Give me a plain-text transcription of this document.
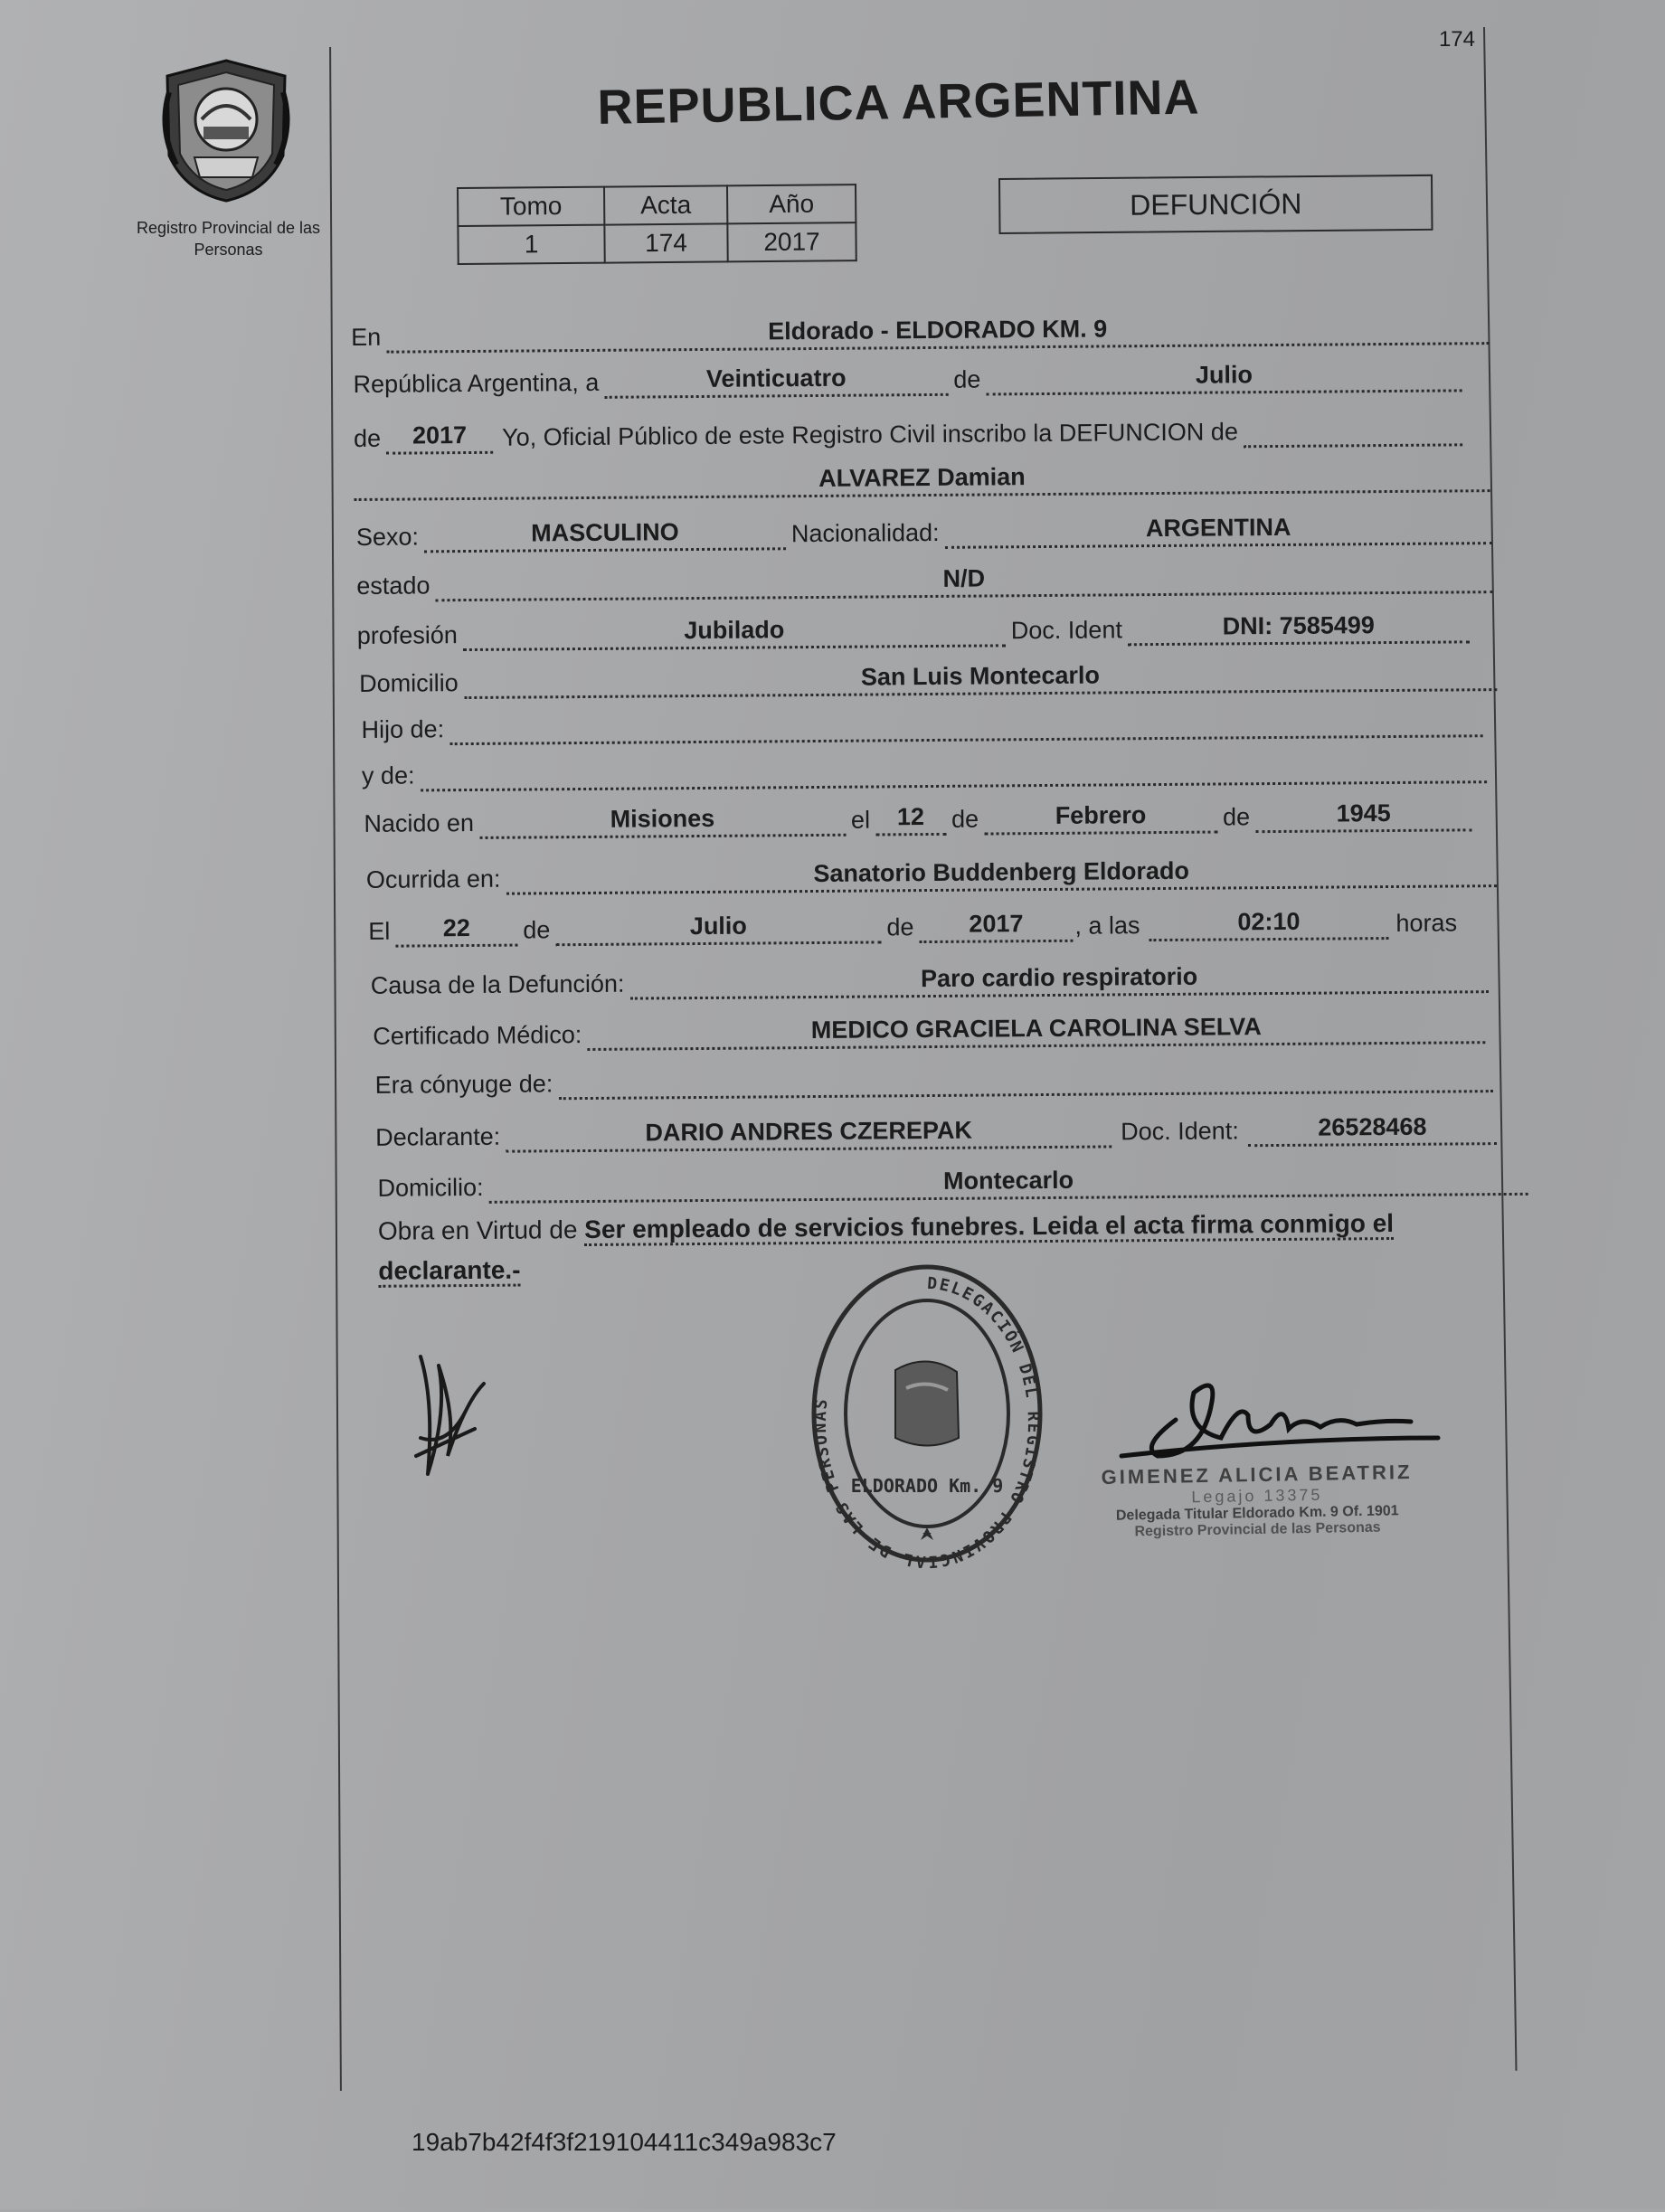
174
Registro Provincial de las Personas
REPUBLICA ARGENTINA
Tomo	Acta	Año
1	174	2017
DEFUNCIÓN
En	Eldorado - ELDORADO KM. 9
República Argentina, a	Veinticuatro	de	Julio
de	2017	Yo, Oficial Público de este Registro Civil inscribo la DEFUNCION de
ALVAREZ Damian
Sexo:	MASCULINO	Nacionalidad:	ARGENTINA
estado	N/D
profesión	Jubilado	Doc. Ident	DNI: 7585499
Domicilio	San Luis Montecarlo
Hijo de:
y de:
Nacido en	Misiones	el	12	de	Febrero	de	1945
Ocurrida en:	Sanatorio Buddenberg Eldorado
El	22	de	Julio	de	2017	, a las	02:10	horas
Causa de la Defunción:	Paro cardio respiratorio
Certificado Médico:	MEDICO GRACIELA CAROLINA SELVA
Era cónyuge de:
Declarante:	DARIO ANDRES CZEREPAK	Doc. Ident:	26528468
Domicilio:	Montecarlo
Obra en Virtud de Ser empleado de servicios funebres. Leida el acta firma conmigo el
declarante.-	DELEGACIÓN DEL REGISTRO PROVINCIAL DE LAS PERSONAS
ELDORADO Km. 9	GIMENEZ ALICIA BEATRIZ
Legajo 13375
Delegada Titular Eldorado Km. 9 Of. 1901
Registro Provincial de las Personas
19ab7b42f4f3f219104411c349a983c7
